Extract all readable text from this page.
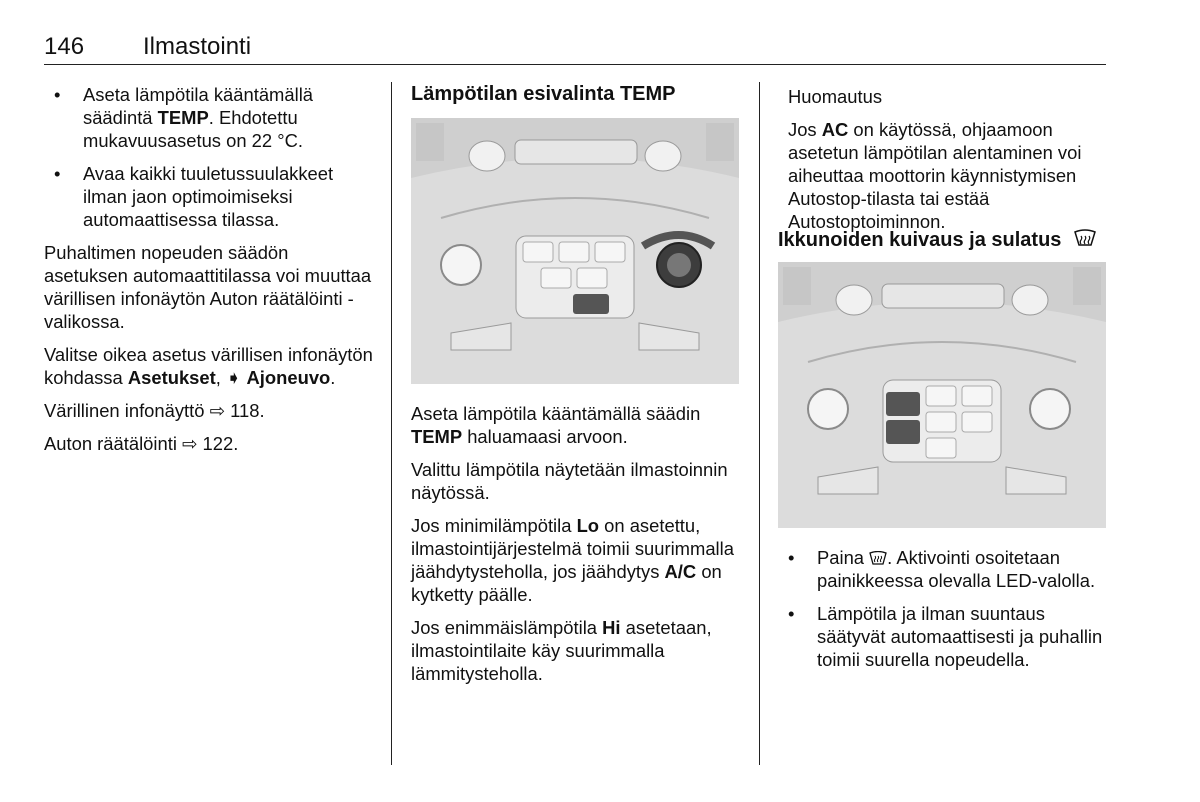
146 Ilmastointi
• Aseta lämpötila kääntämällä säädintä TEMP. Ehdotettu mukavuusasetus on 22 °C.
• Avaa kaikki tuuletussuulakkeet ilman jaon optimoimiseksi automaattisessa tilassa.

Puhaltimen nopeuden säädön asetuksen automaattitilassa voi muuttaa värillisen infonäytön Auton räätälöinti -valikossa.

Valitse oikea asetus värillisen infonäytön kohdassa Asetukset, ➧ Ajoneuvo.

Värillinen infonäyttö ⇨ 118.

Auton räätälöinti ⇨ 122.

Lämpötilan esivalinta TEMP

Aseta lämpötila kääntämällä säädin TEMP haluamaasi arvoon.

Valittu lämpötila näytetään ilmastoinnin näytössä.

Jos minimilämpötila Lo on asetettu, ilmastointijärjestelmä toimii suurimmalla jäähdytysteholla, jos jäähdytys A/C on kytketty päälle.

Jos enimmäislämpötila Hi asetetaan, ilmastointilaite käy suurimmalla lämmitysteholla.

Huomautus

Jos AC on käytössä, ohjaamoon asetetun lämpötilan alentaminen voi aiheuttaa moottorin käynnistymisen Autostop-tilasta tai estää Autostoptoiminnon.

Ikkunoiden kuivaus ja sulatus

• Paina . Aktivointi osoitetaan painikkeessa olevalla LED-valolla.
• Lämpötila ja ilman suuntaus säätyvät automaattisesti ja puhallin toimii suurella nopeudella.
